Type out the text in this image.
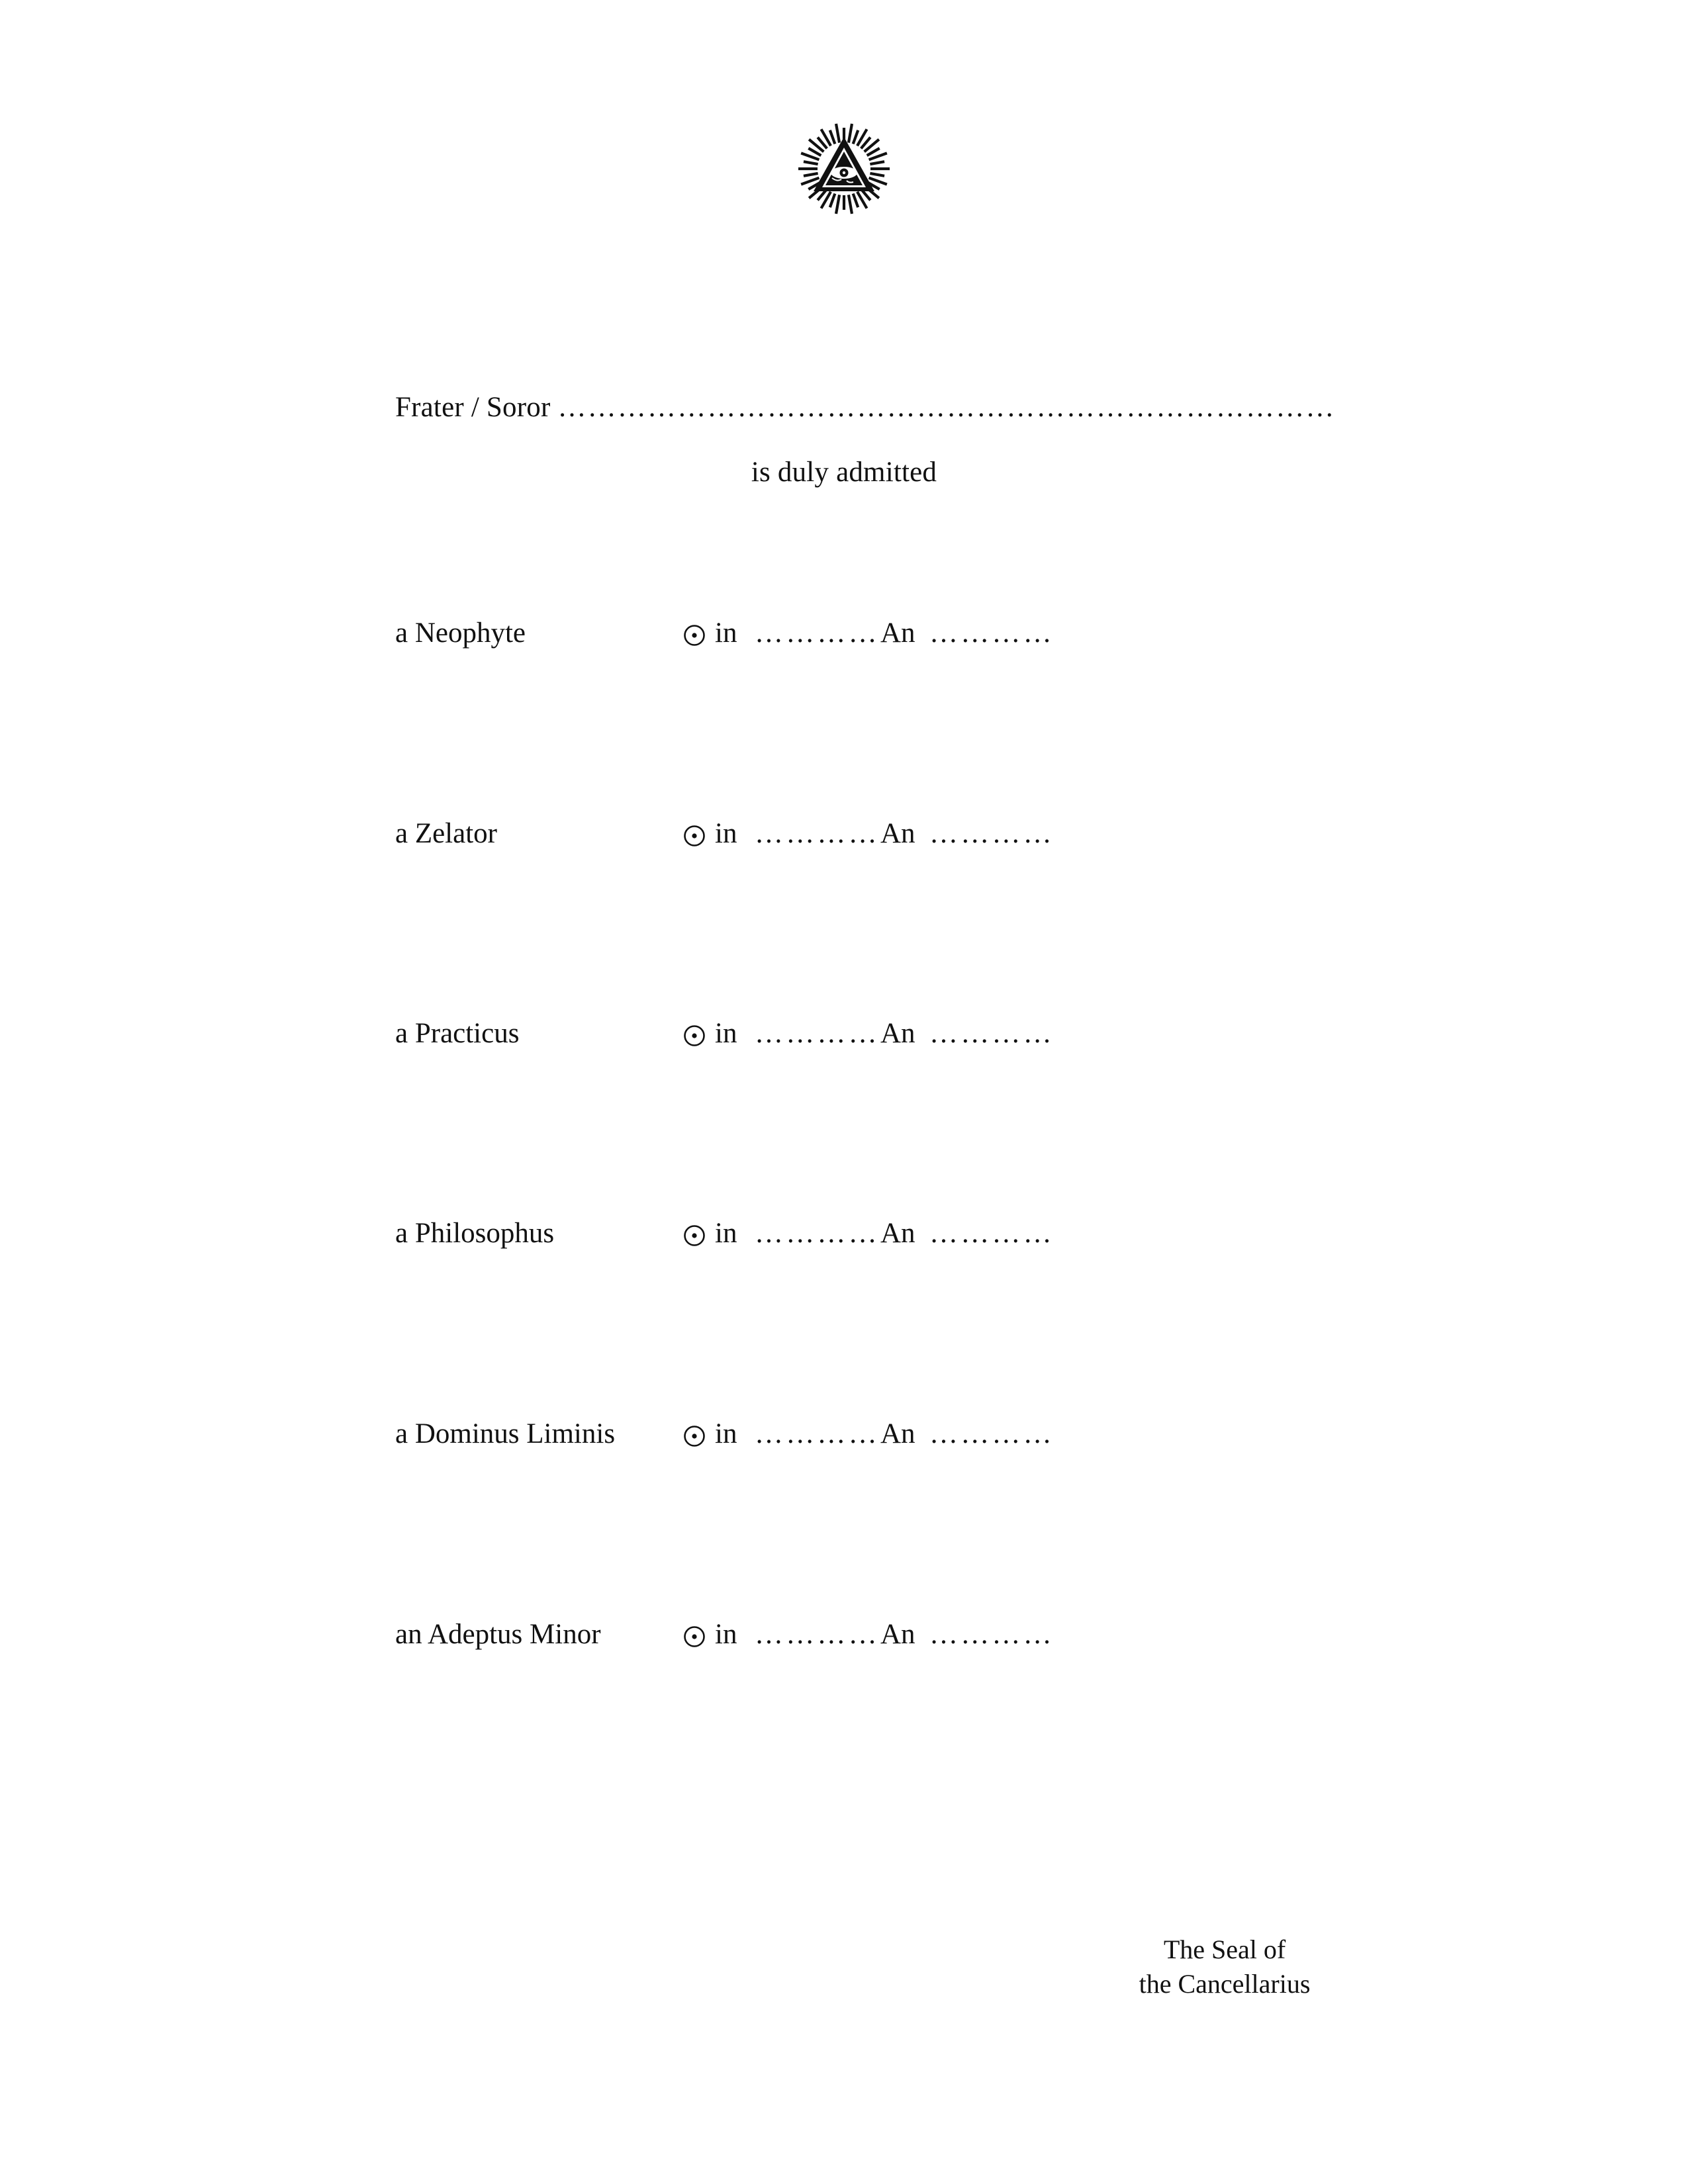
Frater / Soror ……………………………………………………………………
is duly admitted
a Neophyte	in ………… An …………
a Zelator	in ………… An …………
a Practicus	in ………… An …………
a Philosophus	in ………… An …………
a Dominus Liminis	in ………… An …………
an Adeptus Minor	in ………… An …………
The Seal of
the Cancellarius
